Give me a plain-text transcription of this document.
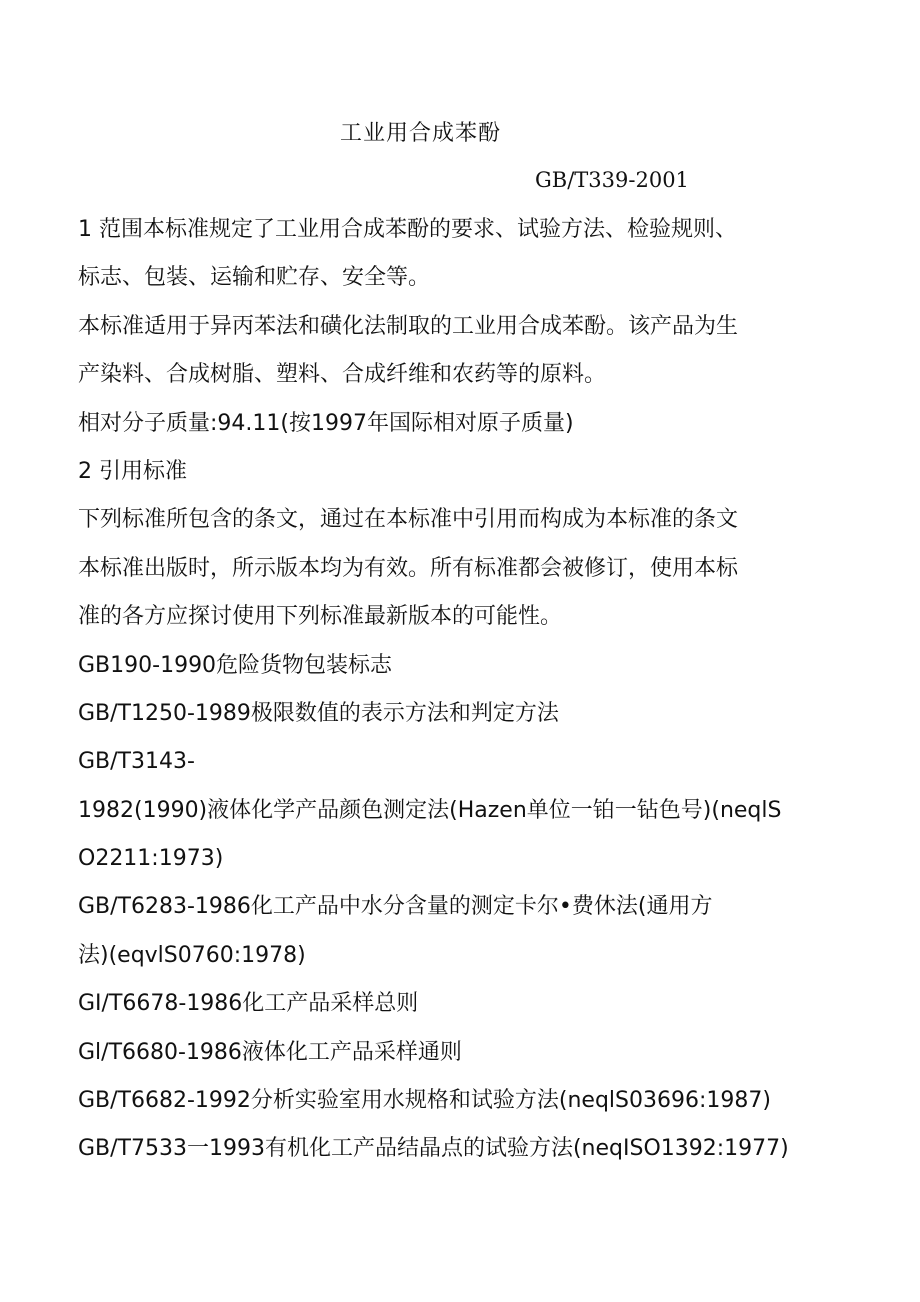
工业用合成苯酚
GB/T339-2001
1 范围本标准规定了工业用合成苯酚的要求、试验方法、检验规则、
标志、包装、运输和贮存、安全等。
本标准适用于异丙苯法和磺化法制取的工业用合成苯酚。该产品为生
产染料、合成树脂、塑料、合成纤维和农药等的原料。
相对分子质量:94.11(按1997年国际相对原子质量)
2 引用标准
下列标准所包含的条文，通过在本标准中引用而构成为本标准的条文
本标准出版时，所示版本均为有效。所有标准都会被修订，使用本标
准的各方应探讨使用下列标准最新版本的可能性。
GB190-1990危险货物包装标志
GB/T1250-1989极限数值的表示方法和判定方法
GB/T3143-
1982(1990)液体化学产品颜色测定法(Hazen单位一铂一钻色号)(neqlS
O2211:1973)
GB/T6283-1986化工产品中水分含量的测定卡尔•费休法(通用方
法)(eqvlS0760:1978)
GI/T6678-1986化工产品采样总则
Gl/T6680-1986液体化工产品采样通则
GB/T6682-1992分析实验室用水规格和试验方法(neqlS03696:1987)
GB/T7533一1993有机化工产品结晶点的试验方法(neqISO1392:1977)
